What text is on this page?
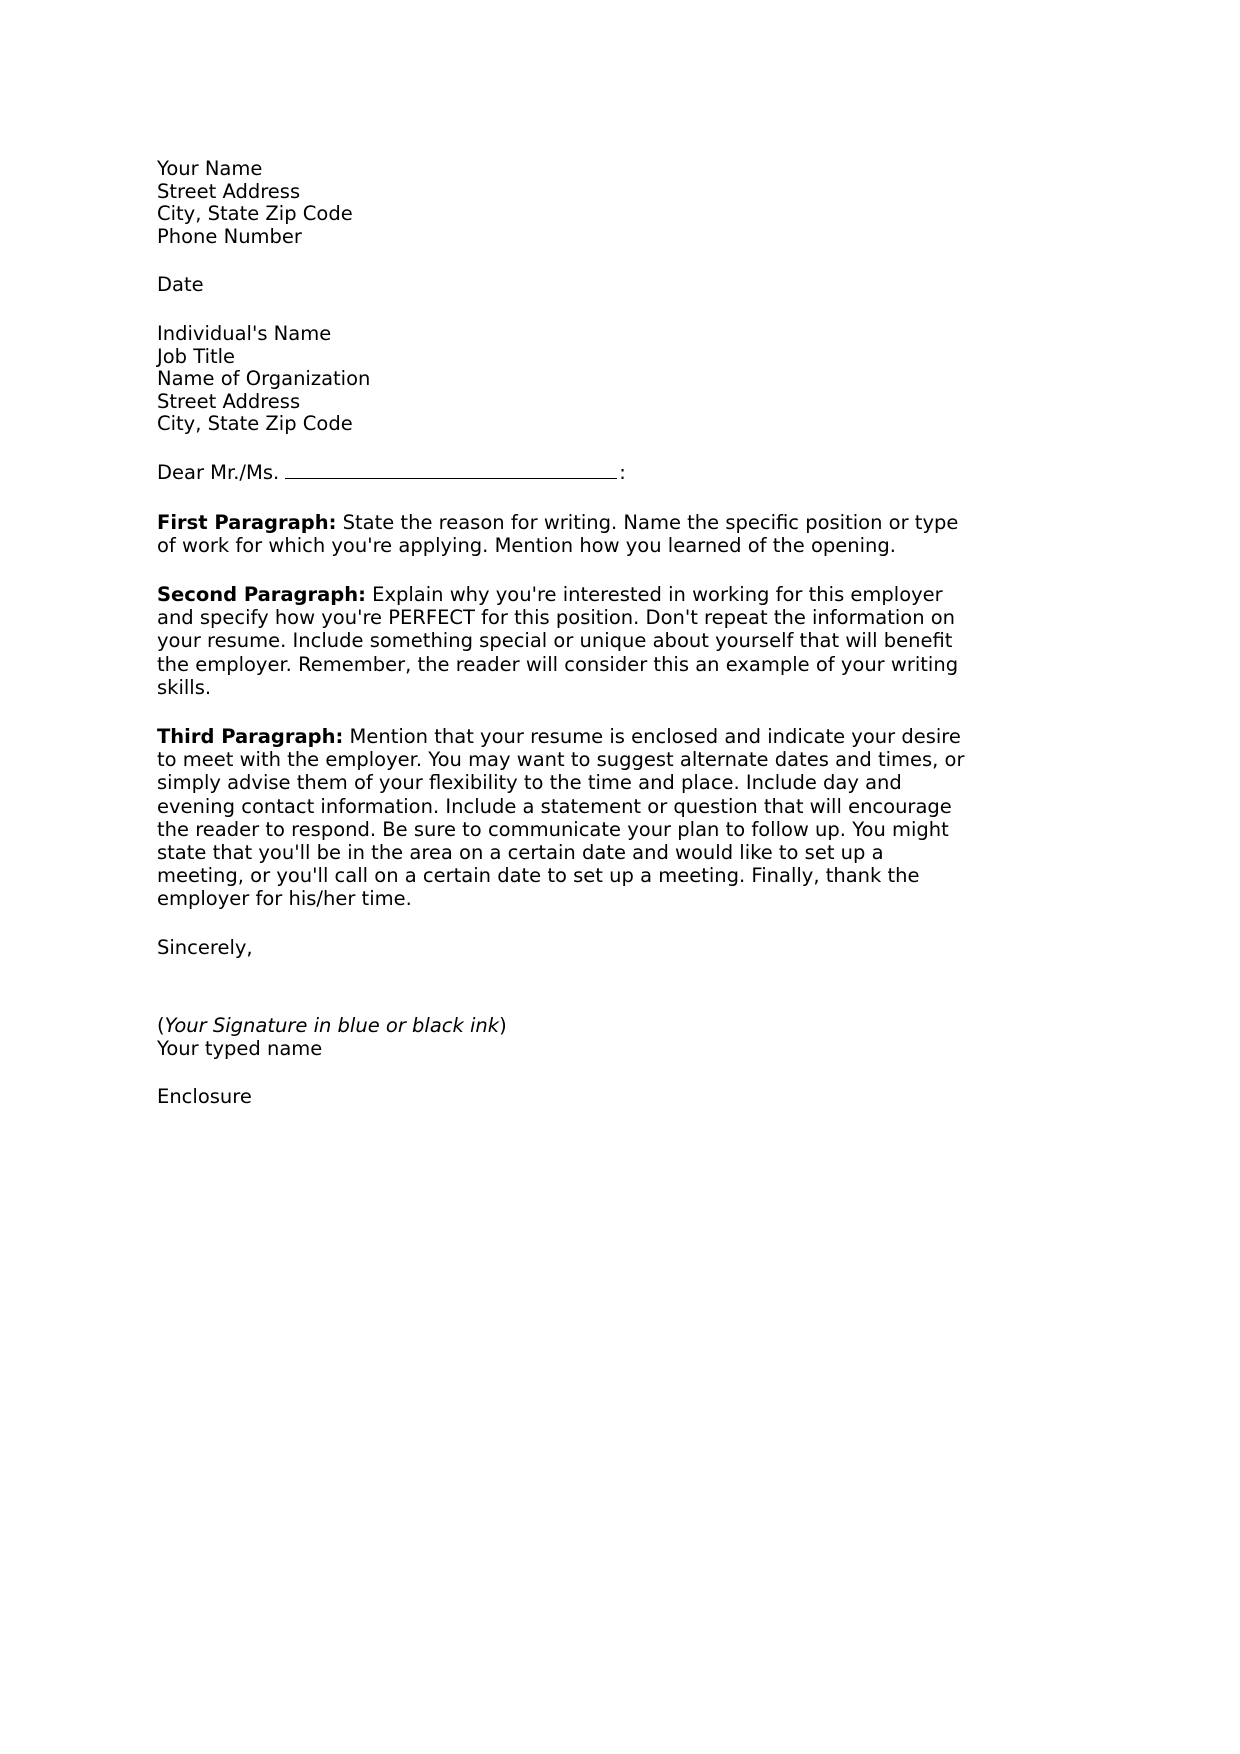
Your Name
Street Address
City, State Zip Code
Phone Number
Date
Individual's Name
Job Title
Name of Organization
Street Address
City, State Zip Code
Dear Mr./Ms.	:

First Paragraph: State the reason for writing. Name the specific position or type of work for which you're applying. Mention how you learned of the opening.

Second Paragraph: Explain why you're interested in working for this employer and specify how you're PERFECT for this position. Don't repeat the information on your resume. Include something special or unique about yourself that will benefit the employer. Remember, the reader will consider this an example of your writing skills.

Third Paragraph: Mention that your resume is enclosed and indicate your desire to meet with the employer. You may want to suggest alternate dates and times, or simply advise them of your flexibility to the time and place. Include day and evening contact information. Include a statement or question that will encourage the reader to respond. Be sure to communicate your plan to follow up. You might state that you'll be in the area on a certain date and would like to set up a meeting, or you'll call on a certain date to set up a meeting. Finally, thank the employer for his/her time.

Sincerely,
(Your Signature in blue or black ink)
Your typed name
Enclosure
